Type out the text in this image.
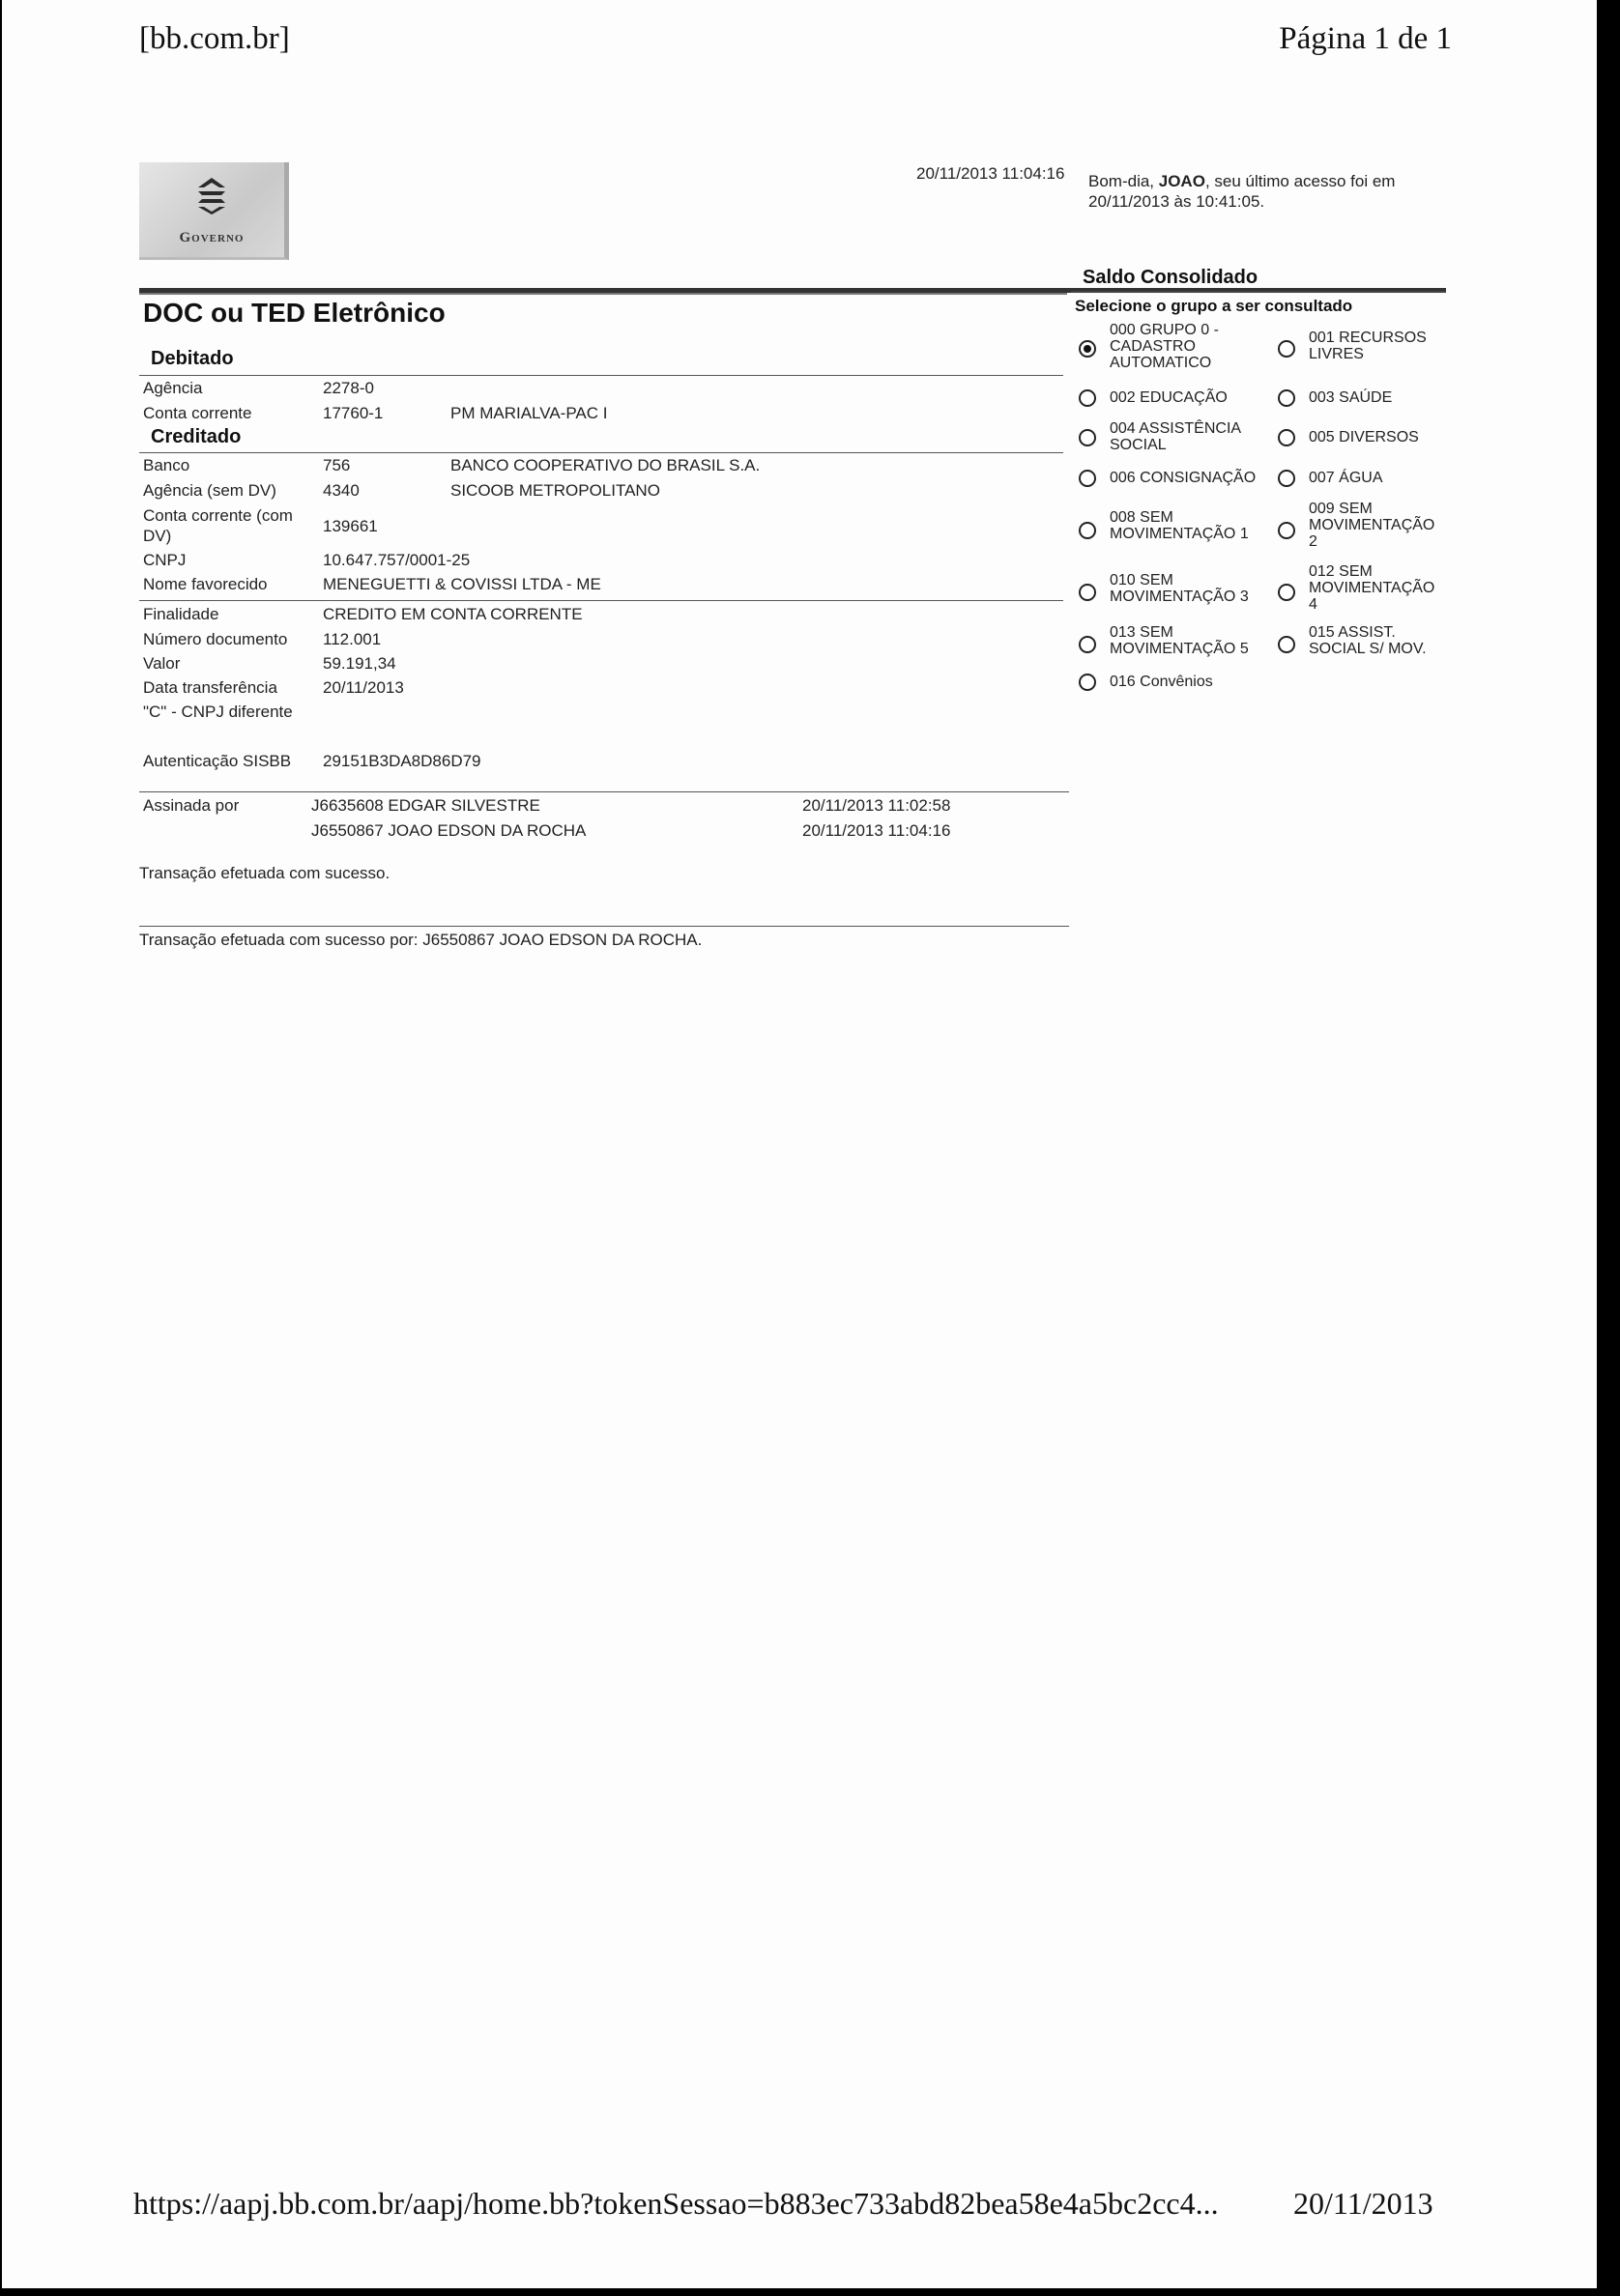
[bb.com.br]	Página 1 de 1
Governo
20/11/2013 11:04:16 Bom-dia, JOAO, seu último acesso foi em 20/11/2013 às 10:41:05.
DOC ou TED Eletrônico
Debitado
Agência	2278-0
Conta corrente	17760-1	PM MARIALVA-PAC I
Creditado
Banco	756	BANCO COOPERATIVO DO BRASIL S.A.
Agência (sem DV)	4340	SICOOB METROPOLITANO
Conta corrente (com
DV)
139661
CNPJ	10.647.757/0001-25
Nome favorecido	MENEGUETTI & COVISSI LTDA - ME
Finalidade	CREDITO EM CONTA CORRENTE
Número documento 112.001
Valor	59.191,34
Data transferência	20/11/2013
"C" - CNPJ diferente
Autenticação SISBB 29151B3DA8D86D79
Assinada por	J6635608 EDGAR SILVESTRE	20/11/2013 11:02:58
J6550867 JOAO EDSON DA ROCHA	20/11/2013 11:04:16
Transação efetuada com sucesso.
Transação efetuada com sucesso por: J6550867 JOAO EDSON DA ROCHA.
Saldo Consolidado
Selecione o grupo a ser consultado
https://aapj.bb.com.br/aapj/home.bb?tokenSessao=b883ec733abd82bea58e4a5bc2cc4... 20/11/2013
000 GRUPO 0 -
CADASTRO
AUTOMATICO
001 RECURSOS
LIVRES
002 EDUCAÇÃO	003 SAÚDE
004 ASSISTÊNCIA
SOCIAL	005 DIVERSOS
006 CONSIGNAÇÃO	007 ÁGUA
008 SEM
MOVIMENTAÇÃO 1
009 SEM
MOVIMENTAÇÃO
2
010 SEM
MOVIMENTAÇÃO 3
012 SEM
MOVIMENTAÇÃO
4
013 SEM
MOVIMENTAÇÃO 5
015 ASSIST.
SOCIAL S/ MOV.
016 Convênios
